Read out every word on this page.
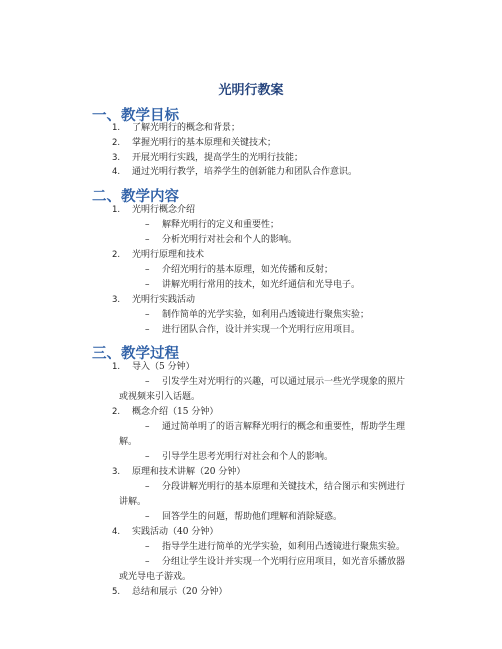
光明行教案
一、教学目标
1. 了解光明行的概念和背景；
2. 掌握光明行的基本原理和关键技术；
3. 开展光明行实践，提高学生的光明行技能；
4. 通过光明行教学，培养学生的创新能力和团队合作意识。
二、教学内容
1. 光明行概念介绍
– 解释光明行的定义和重要性；
– 分析光明行对社会和个人的影响。
2. 光明行原理和技术
– 介绍光明行的基本原理，如光传播和反射；
– 讲解光明行常用的技术，如光纤通信和光导电子。
3. 光明行实践活动
– 制作简单的光学实验，如利用凸透镜进行聚焦实验；
– 进行团队合作，设计并实现一个光明行应用项目。
三、教学过程
1. 导入（5 分钟）
– 引发学生对光明行的兴趣，可以通过展示一些光学现象的照片
或视频来引入话题。
2. 概念介绍（15 分钟）
– 通过简单明了的语言解释光明行的概念和重要性，帮助学生理
解。
– 引导学生思考光明行对社会和个人的影响。
3. 原理和技术讲解（20 分钟）
– 分段讲解光明行的基本原理和关键技术，结合图示和实例进行
讲解。
– 回答学生的问题，帮助他们理解和消除疑惑。
4. 实践活动（40 分钟）
– 指导学生进行简单的光学实验，如利用凸透镜进行聚焦实验。
– 分组让学生设计并实现一个光明行应用项目，如光音乐播放器
或光导电子游戏。
5. 总结和展示（20 分钟）
